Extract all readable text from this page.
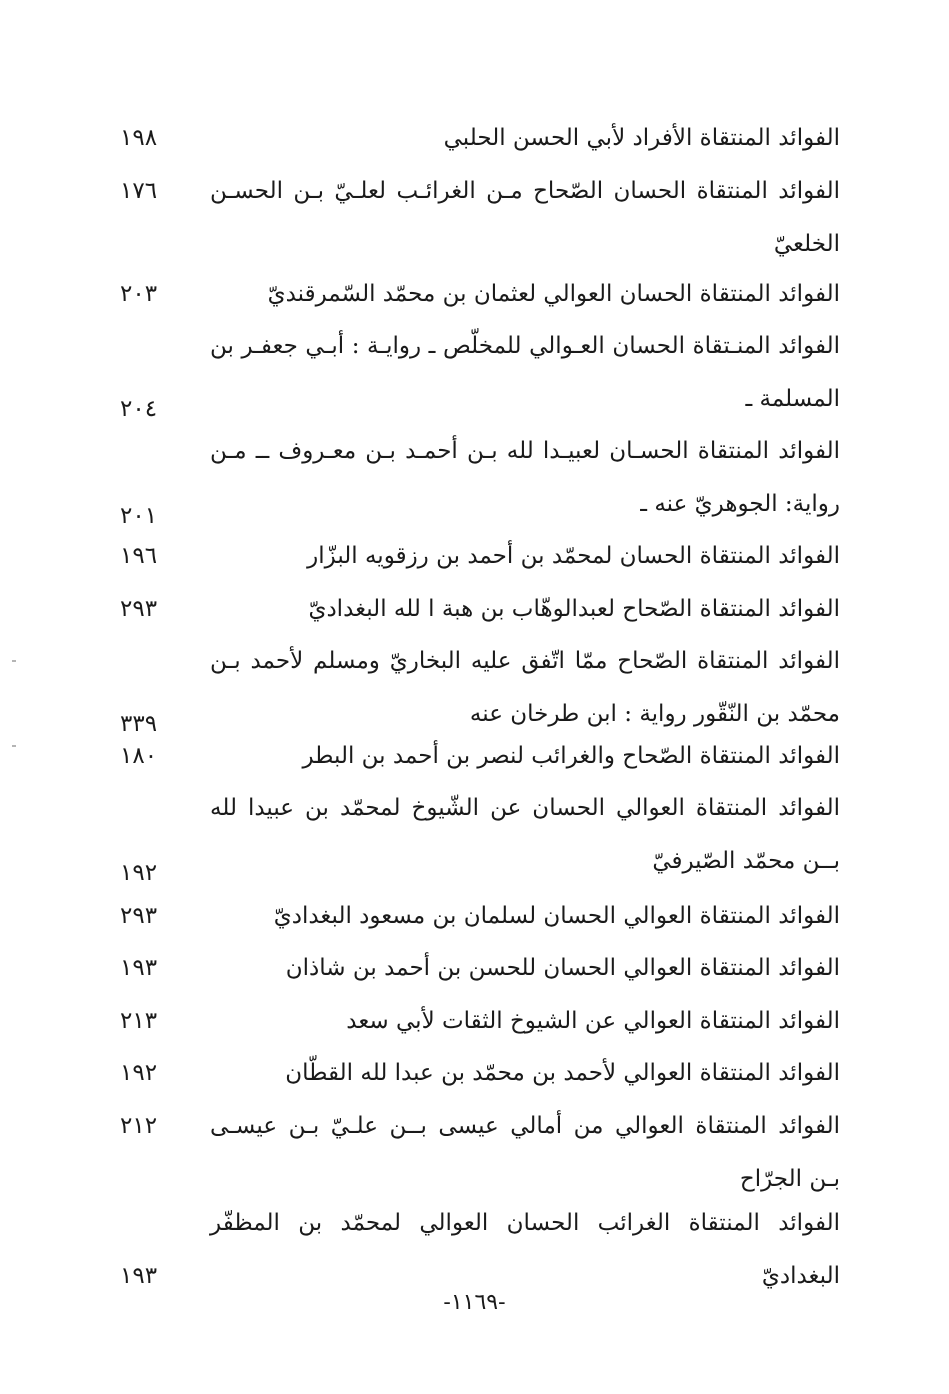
الفوائد المنتقاة الأفراد لأبي الحسن الحلبي
١٩٨
الفوائد المنتقاة الحسان الصّحاح مـن الغرائـب لعلـيّ بـن الحسـن الخلعيّ
١٧٦
الفوائد المنتقاة الحسان العوالي لعثمان بن محمّد السّمرقنديّ
٢٠٣
الفوائد المنـتقاة الحسان العـوالي للمخلّص ـ روايـة : أبـي جعفـر بن المسلمة ـ
٢٠٤
الفوائد المنتقاة الحسـان لعبيـدا لله بـن أحمـد بـن معـروف ــ مـن رواية: الجوهريّ عنه ـ
٢٠١
الفوائد المنتقاة الحسان لمحمّد بن أحمد بن رزقويه البزّار
١٩٦
الفوائد المنتقاة الصّحاح لعبدالوهّاب بن هبة ا لله البغداديّ
٢٩٣
الفوائد المنتقاة الصّحاح ممّا اتّفق عليه البخاريّ ومسلم لأحمد بـن محمّد بن النّقّور رواية : ابن طرخان عنه
٣٣٩
الفوائد المنتقاة الصّحاح والغرائب لنصر بن أحمد بن البطر
١٨٠
الفوائد المنتقاة العوالي الحسان عن الشّيوخ لمحمّد بن عبيدا لله بــن محمّد الصّيرفيّ
١٩٢
الفوائد المنتقاة العوالي الحسان لسلمان بن مسعود البغداديّ
٢٩٣
الفوائد المنتقاة العوالي الحسان للحسن بن أحمد بن شاذان
١٩٣
الفوائد المنتقاة العوالي عن الشيوخ الثقات لأبي سعد
٢١٣
الفوائد المنتقاة العوالي لأحمد بن محمّد بن عبدا لله القطّان
١٩٢
الفوائد المنتقاة العوالي من أمالي عيسى بــن علـيّ بـن عيسـى بـن الجرّاح
٢١٢
الفوائد المنتقاة الغرائب الحسان العوالي لمحمّد بن المظفّر البغداديّ
١٩٣
-١١٦٩-
